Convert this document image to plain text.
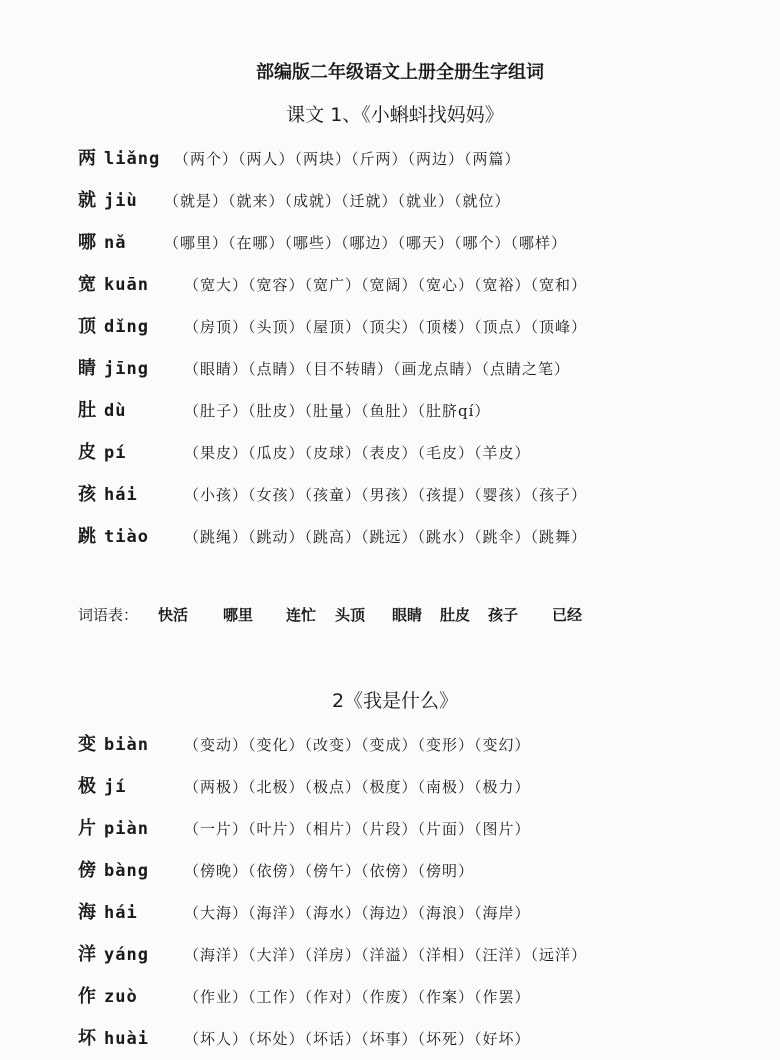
部编版二年级语文上册全册生字组词
课文 1、《小蝌蚪找妈妈》
两 liǎng （两个）（两人）（两块）（斤两）（两边）（两篇）
就 jiù （就是）（就来）（成就）（迁就）（就业）（就位）
哪 nǎ	（哪里）（在哪）（哪些）（哪边）（哪天）（哪个）（哪样）
宽 kuān （宽大）（宽容）（宽广）（宽阔）（宽心）（宽裕）（宽和）
顶 dǐng （房顶）（头顶）（屋顶）（顶尖）（顶楼）（顶点）（顶峰）
睛 jīng （眼睛）（点睛）（目不转睛）（画龙点睛）（点睛之笔）
肚 dù	（肚子）（肚皮）（肚量）（鱼肚）（肚脐qí）
皮 pí	（果皮）（瓜皮）（皮球）（表皮）（毛皮）（羊皮）
孩 hái	（小孩）（女孩）（孩童）（男孩）（孩提）（婴孩）（孩子）
跳 tiào （跳绳）（跳动）（跳高）（跳远）（跳水）（跳伞）（跳舞）
词语表： 快活 哪里 连忙 头顶 眼睛 肚皮 孩子 已经
2《我是什么》
变 biàn （变动）（变化）（改变）（变成）（变形）（变幻）
极 jí	（两极）（北极）（极点）（极度）（南极）（极力）
片 piàn （一片）（叶片）（相片）（片段）（片面）（图片）
傍 bàng （傍晚）（依傍）（傍午）（依傍）（傍明）
海 hái	（大海）（海洋）（海水）（海边）（海浪）（海岸）
洋 yáng （海洋）（大洋）（洋房）（洋溢）（洋相）（汪洋）（远洋）
作 zuò	（作业）（工作）（作对）（作废）（作案）（作罢）
坏 huài （坏人）（坏处）（坏话）（坏事）（坏死）（好坏）
